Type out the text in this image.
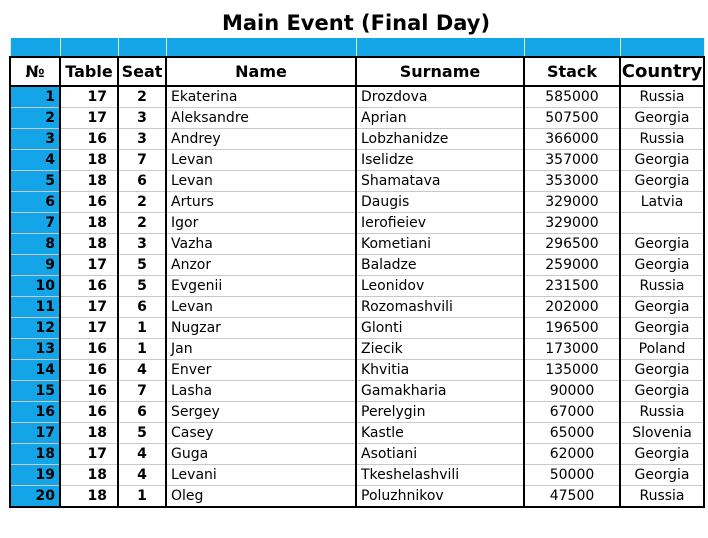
Main Event (Final Day)

№	Table	Seat	Name	Surname	Stack	Country
1	17	2	Ekaterina	Drozdova	585000	Russia
2	17	3	Aleksandre	Aprian	507500	Georgia
3	16	3	Andrey	Lobzhanidze	366000	Russia
4	18	7	Levan	Iselidze	357000	Georgia
5	18	6	Levan	Shamatava	353000	Georgia
6	16	2	Arturs	Daugis	329000	Latvia
7	18	2	Igor	Ierofieiev	329000	
8	18	3	Vazha	Kometiani	296500	Georgia
9	17	5	Anzor	Baladze	259000	Georgia
10	16	5	Evgenii	Leonidov	231500	Russia
11	17	6	Levan	Rozomashvili	202000	Georgia
12	17	1	Nugzar	Glonti	196500	Georgia
13	16	1	Jan	Ziecik	173000	Poland
14	16	4	Enver	Khvitia	135000	Georgia
15	16	7	Lasha	Gamakharia	90000	Georgia
16	16	6	Sergey	Perelygin	67000	Russia
17	18	5	Casey	Kastle	65000	Slovenia
18	17	4	Guga	Asotiani	62000	Georgia
19	18	4	Levani	Tkeshelashvili	50000	Georgia
20	18	1	Oleg	Poluzhnikov	47500	Russia
